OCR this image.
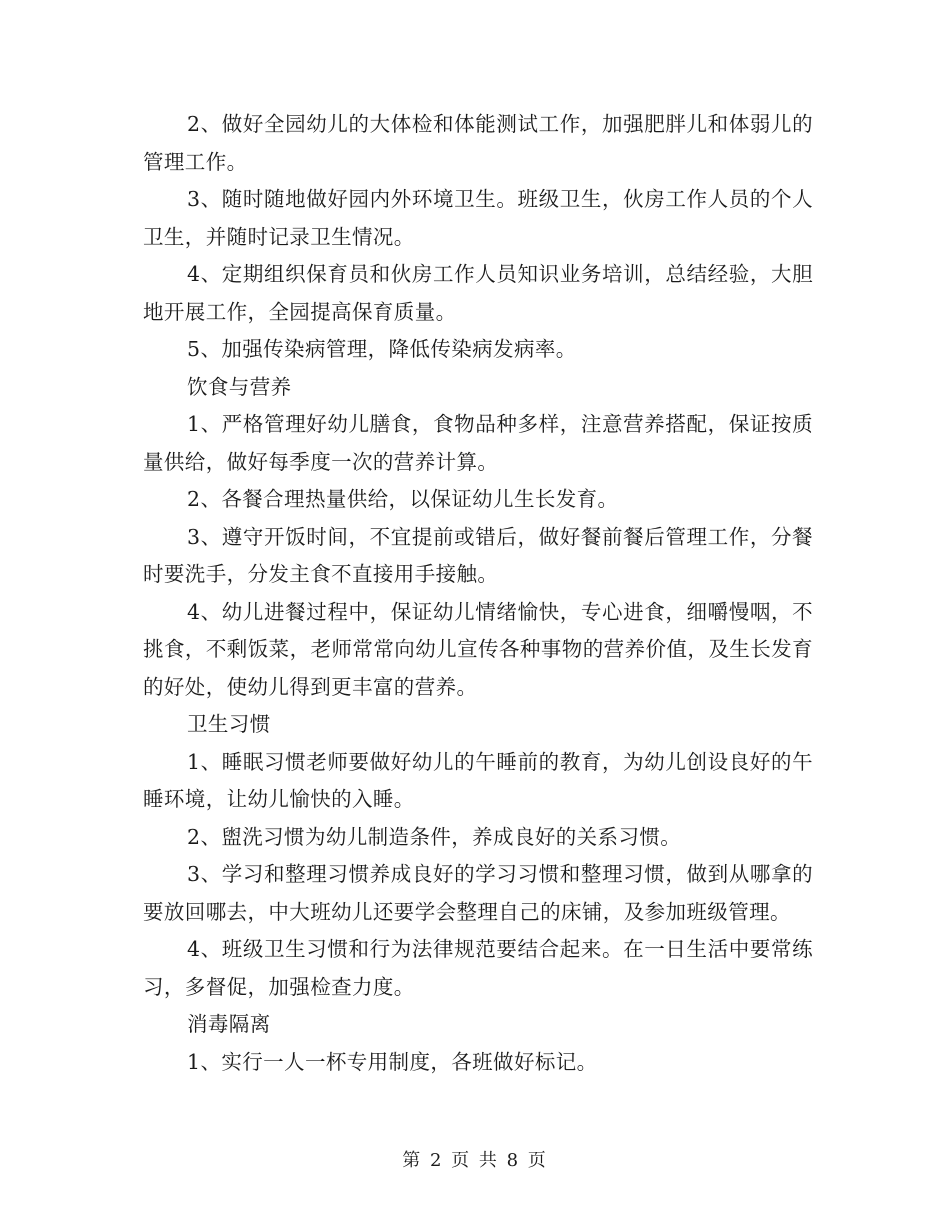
2、做好全园幼儿的大体检和体能测试工作，加强肥胖儿和体弱儿的管理工作。

3、随时随地做好园内外环境卫生。班级卫生，伙房工作人员的个人卫生，并随时记录卫生情况。

4、定期组织保育员和伙房工作人员知识业务培训，总结经验，大胆地开展工作，全园提高保育质量。

5、加强传染病管理，降低传染病发病率。

饮食与营养

1、严格管理好幼儿膳食，食物品种多样，注意营养搭配，保证按质量供给，做好每季度一次的营养计算。

2、各餐合理热量供给，以保证幼儿生长发育。

3、遵守开饭时间，不宜提前或错后，做好餐前餐后管理工作，分餐时要洗手，分发主食不直接用手接触。

4、幼儿进餐过程中，保证幼儿情绪愉快，专心进食，细嚼慢咽，不挑食，不剩饭菜，老师常常向幼儿宣传各种事物的营养价值，及生长发育的好处，使幼儿得到更丰富的营养。

卫生习惯

1、睡眠习惯老师要做好幼儿的午睡前的教育，为幼儿创设良好的午睡环境，让幼儿愉快的入睡。

2、盥洗习惯为幼儿制造条件，养成良好的关系习惯。

3、学习和整理习惯养成良好的学习习惯和整理习惯，做到从哪拿的要放回哪去，中大班幼儿还要学会整理自己的床铺，及参加班级管理。

4、班级卫生习惯和行为法律规范要结合起来。在一日生活中要常练习，多督促，加强检查力度。

消毒隔离

1、实行一人一杯专用制度，各班做好标记。

第 2 页 共 8 页
